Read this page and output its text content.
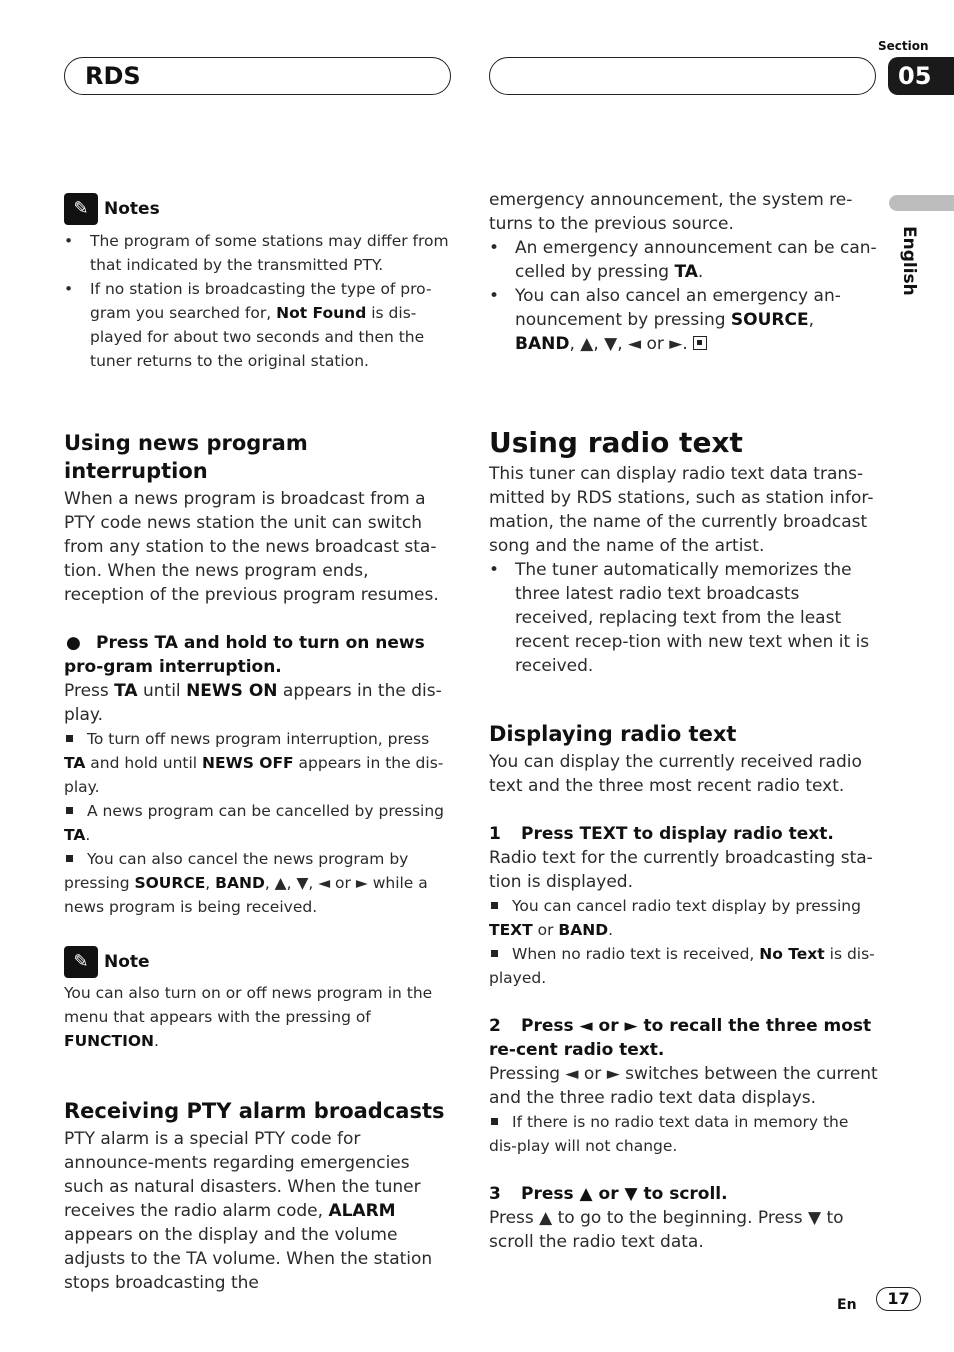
RDS
Section
05
English
✎ Notes
• The program of some stations may differ from that indicated by the transmitted PTY.
• If no station is broadcasting the type of pro-gram you searched for, Not Found is dis-played for about two seconds and then the tuner returns to the original station.
Using news program interruption

When a news program is broadcast from a PTY code news station the unit can switch from any station to the news broadcast sta-tion. When the news program ends, reception of the previous program resumes.

● Press TA and hold to turn on news pro-gram interruption.

Press TA until NEWS ON appears in the dis-play.

To turn off news program interruption, press TA and hold until NEWS OFF appears in the dis-play.
A news program can be cancelled by pressing TA.
You can also cancel the news program by pressing SOURCE, BAND, ▲, ▼, ◄ or ► while a news program is being received.
✎ Note

You can also turn on or off news program in the menu that appears with the pressing of FUNCTION.

Receiving PTY alarm broadcasts

PTY alarm is a special PTY code for announce-ments regarding emergencies such as natural disasters. When the tuner receives the radio alarm code, ALARM appears on the display and the volume adjusts to the TA volume. When the station stops broadcasting the

emergency announcement, the system re-turns to the previous source.

• An emergency announcement can be can-celled by pressing TA.
• You can also cancel an emergency an-nouncement by pressing SOURCE, BAND, ▲, ▼, ◄ or ►.
Using radio text

This tuner can display radio text data trans-mitted by RDS stations, such as station infor-mation, the name of the currently broadcast song and the name of the artist.

• The tuner automatically memorizes the three latest radio text broadcasts received, replacing text from the least recent recep-tion with new text when it is received.
Displaying radio text

You can display the currently received radio text and the three most recent radio text.

1 Press TEXT to display radio text.

Radio text for the currently broadcasting sta-tion is displayed.

You can cancel radio text display by pressing TEXT or BAND.
When no radio text is received, No Text is dis-played.
2 Press ◄ or ► to recall the three most re-cent radio text.

Pressing ◄ or ► switches between the current and the three radio text data displays.

If there is no radio text data in memory the dis-play will not change.
3 Press ▲ or ▼ to scroll.

Press ▲ to go to the beginning. Press ▼ to scroll the radio text data.

En	17
